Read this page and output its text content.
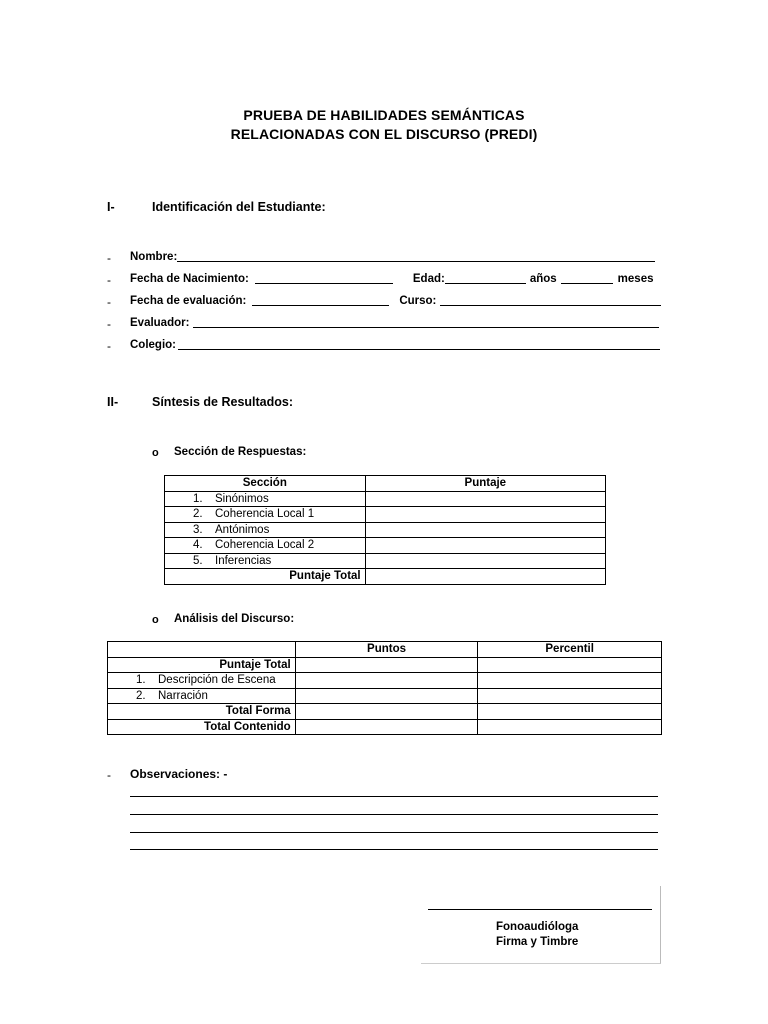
PRUEBA DE HABILIDADES SEMÁNTICAS
RELACIONADAS CON EL DISCURSO (PREDI)
I-	Identificación del Estudiante:
- Nombre:
- Fecha de Nacimiento:	Edad:	años	meses
- Fecha de evaluación:	Curso:
- Evaluador:
- Colegio:
II-	Síntesis de Resultados:
o Sección de Respuestas:
Sección	Puntaje
1. Sinónimos	
2. Coherencia Local 1	
3. Antónimos	
4. Coherencia Local 2	
5. Inferencias	
Puntaje Total	
o Análisis del Discurso:
	Puntos	Percentil
Puntaje Total		
1. Descripción de Escena		
2. Narración		
Total Forma		
Total Contenido		
- Observaciones: -
Fonoaudióloga
Firma y Timbre
